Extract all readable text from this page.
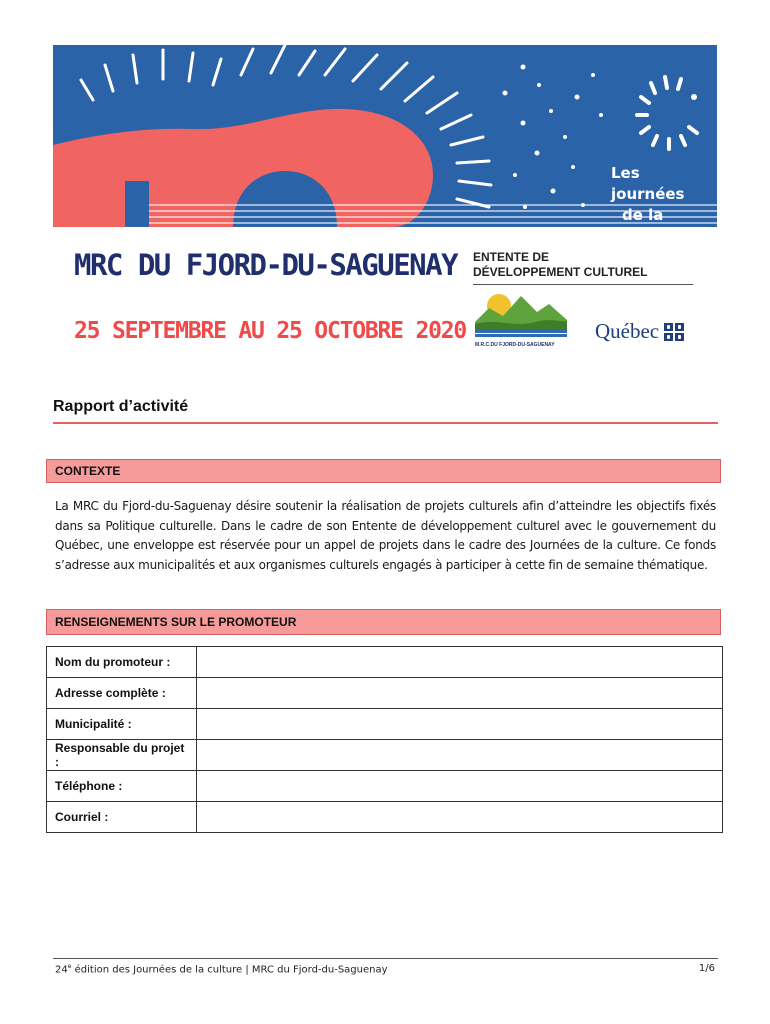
Les journées
de la culture
MRC DU FJORD-DU-SAGUENAY
25 SEPTEMBRE AU 25 OCTOBRE 2020
ENTENTE DE
DÉVELOPPEMENT CULTUREL
M.R.C.DU FJORD-DU-SAGUENAY
Québec
Rapport d’activité
CONTEXTE
La MRC du Fjord-du-Saguenay désire soutenir la réalisation de projets culturels afin d’atteindre les objectifs fixés dans sa Politique culturelle. Dans le cadre de son Entente de développement culturel avec le gouvernement du Québec, une enveloppe est réservée pour un appel de projets dans le cadre des Journées de la culture. Ce fonds s’adresse aux municipalités et aux organismes culturels engagés à participer à cette fin de semaine thématique.
RENSEIGNEMENTS SUR LE PROMOTEUR
Nom du promoteur :	
Adresse complète :	
Municipalité :	
Responsable du projet :	
Téléphone :	
Courriel :	
24e édition des Journées de la culture | MRC du Fjord-du-Saguenay	1/6
